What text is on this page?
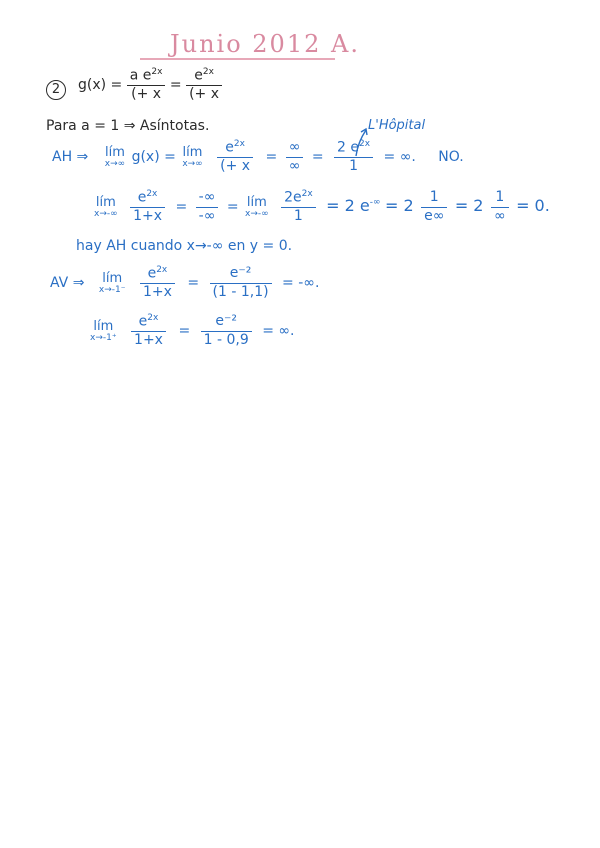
Junio 2012 A.
2	$g(x) = \frac{a e^{2x}}{(+ x} = \frac{e^{2x}}{(+ x}$
Para a = 1 ⇒ Asíntotas.	L'Hôpital
AH ⇒ lím
x→∞ g(x) = lím
x→∞
$\frac{e^{2x}}{(+ x} = \frac{\infty}{\infty} = \frac{2 e^{2x}}{1}$ = ∞. NO.
lím
x→-∞
$\frac{e^{2x}}{1+x} = \frac{-\infty}{-\infty}$ = lím
x→-∞
$\frac{2e^{2x}}{1} = 2$ $e^{-\infty} = 2 \frac{1}{e\infty} = 2 \frac{1}{\infty} = 0$.
hay AH cuando x→-∞ en y = 0.
AV ⇒ lím
x→-1⁻
$\frac{e^{2x}}{1+x} = \frac{\text{e⁻²}}{(1 - 1,1)}$ = -∞.
lím
x→-1⁺
$\frac{e^{2x}}{1+x} = \frac{\text{e⁻²}}{1 - 0,9}$ = ∞.
